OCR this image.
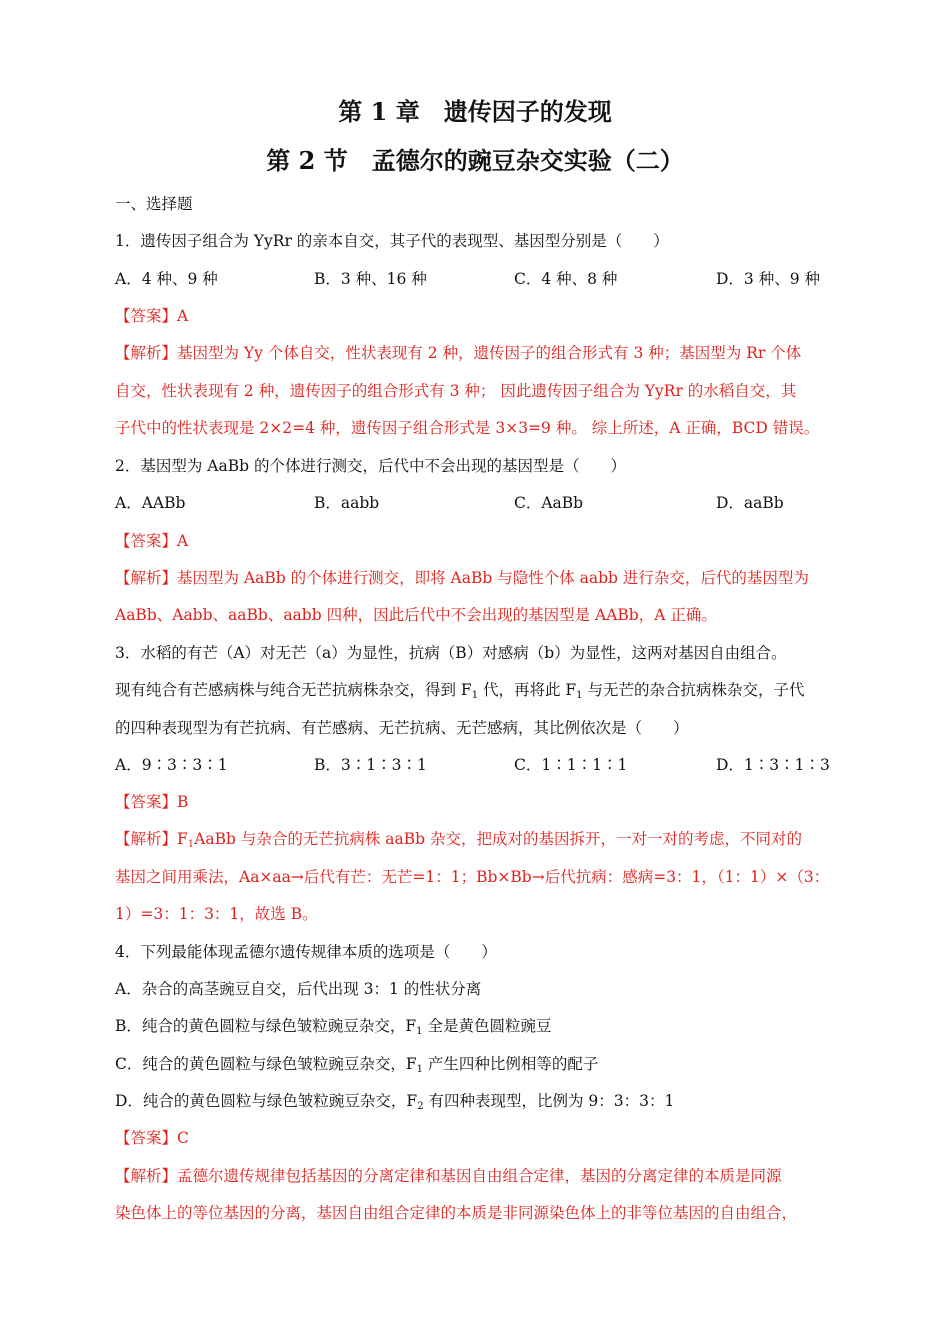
第 1 章　遗传因子的发现
第 2 节　孟德尔的豌豆杂交实验（二）
一、选择题
1．遗传因子组合为 YyRr 的亲本自交，其子代的表现型、基因型分别是（　　）
A．4 种、9 种	B．3 种、16 种	C．4 种、8 种	D．3 种、9 种
【答案】A
【解析】基因型为 Yy 个体自交，性状表现有 2 种，遗传因子的组合形式有 3 种；基因型为 Rr 个体
自交，性状表现有 2 种，遗传因子的组合形式有 3 种； 因此遗传因子组合为 YyRr 的水稻自交，其
子代中的性状表现是 2×2=4 种，遗传因子组合形式是 3×3=9 种。 综上所述，A 正确，BCD 错误。
2．基因型为 AaBb 的个体进行测交，后代中不会出现的基因型是（　　）
A．AABb	B．aabb	C．AaBb	D．aaBb
【答案】A
【解析】基因型为 AaBb 的个体进行测交，即将 AaBb 与隐性个体 aabb 进行杂交，后代的基因型为
AaBb、Aabb、aaBb、aabb 四种，因此后代中不会出现的基因型是 AABb，A 正确。
3．水稻的有芒（A）对无芒（a）为显性，抗病（B）对感病（b）为显性，这两对基因自由组合。
现有纯合有芒感病株与纯合无芒抗病株杂交，得到 $F_1$ 代，再将此 $F_1$ 与无芒的杂合抗病株杂交，子代
的四种表现型为有芒抗病、有芒感病、无芒抗病、无芒感病，其比例依次是（　　）
A．9∶3∶3∶1	B．3∶1∶3∶1	C．1∶1∶1∶1	D．1∶3∶1∶3
【答案】B
【解析】$F_1AaBb$ 与杂合的无芒抗病株 aaBb 杂交，把成对的基因拆开，一对一对的考虑，不同对的
基因之间用乘法，Aa×aa→后代有芒：无芒=1：1；Bb×Bb→后代抗病：感病=3：1，（1：1）×（3：
1）=3：1：3：1，故选 B。
4．下列最能体现孟德尔遗传规律本质的选项是（　　）
A．杂合的高茎豌豆自交，后代出现 3：1 的性状分离
B．纯合的黄色圆粒与绿色皱粒豌豆杂交，$F_1$ 全是黄色圆粒豌豆
C．纯合的黄色圆粒与绿色皱粒豌豆杂交，$F_1$ 产生四种比例相等的配子
D．纯合的黄色圆粒与绿色皱粒豌豆杂交，$F_2$ 有四种表现型，比例为 9：3：3：1
【答案】C
【解析】孟德尔遗传规律包括基因的分离定律和基因自由组合定律，基因的分离定律的本质是同源
染色体上的等位基因的分离，基因自由组合定律的本质是非同源染色体上的非等位基因的自由组合，
